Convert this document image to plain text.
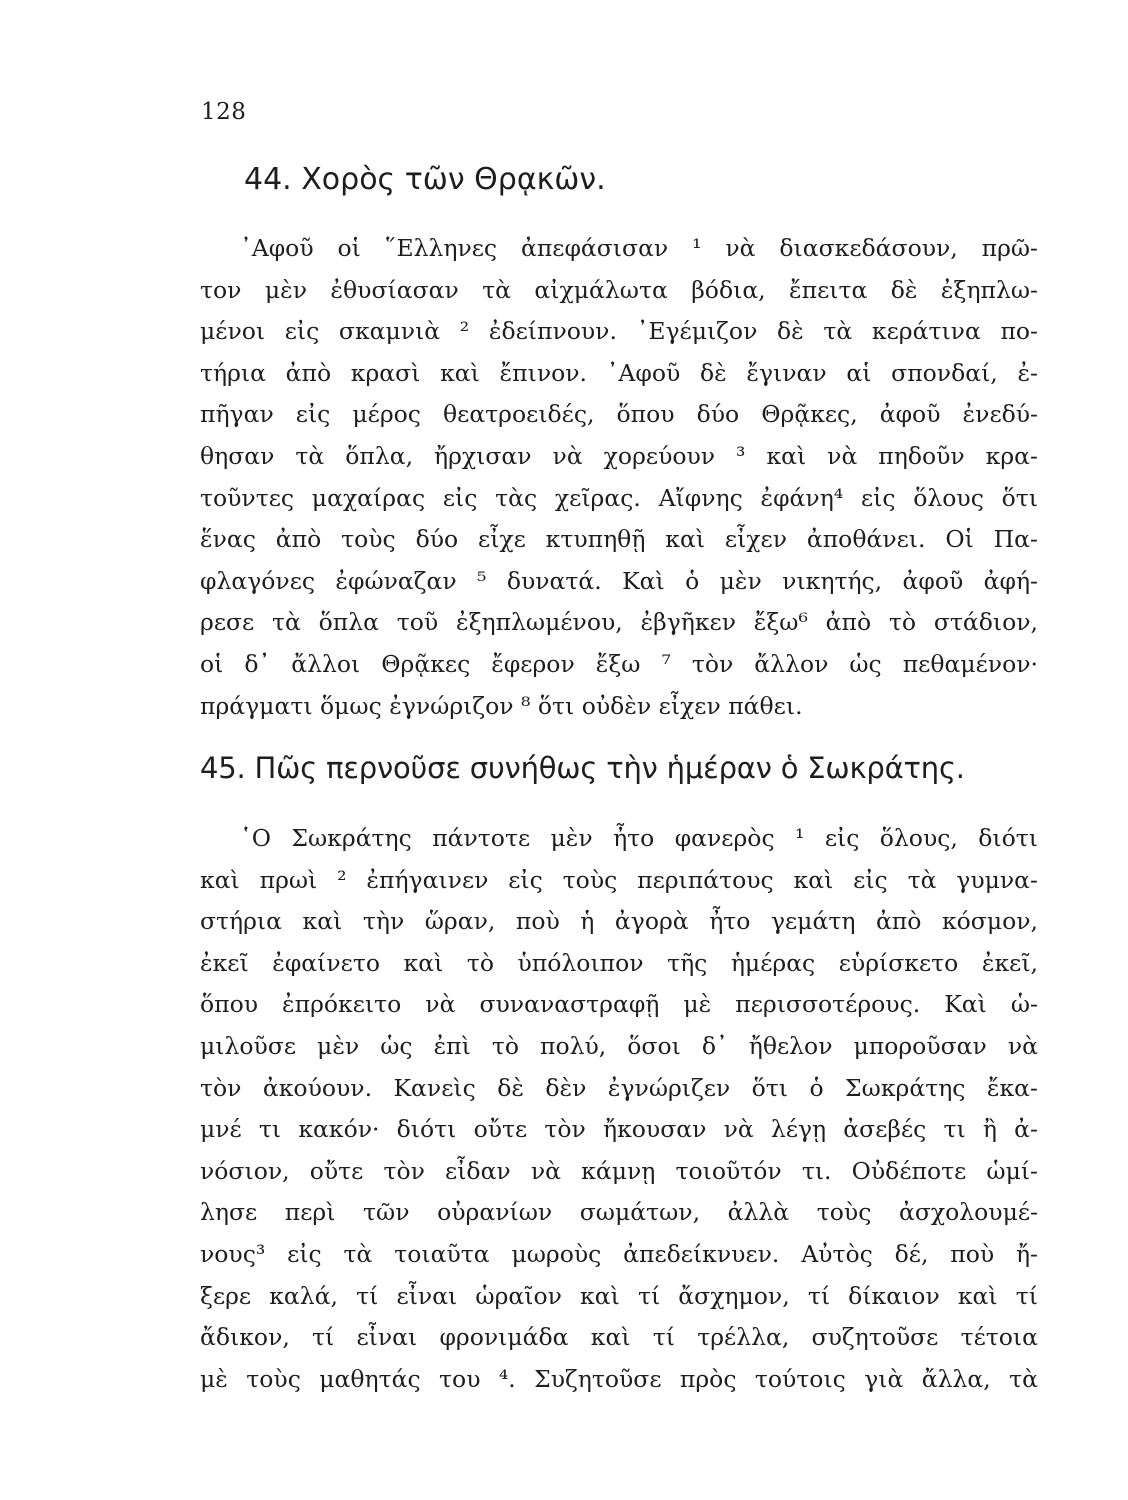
128
44. Χορὸς τῶν Θρᾳκῶν.
᾿Αφοῦ οἱ ῞Ελληνες ἀπεφάσισαν ¹ νὰ διασκεδάσουν, πρῶ-
τον μὲν ἐθυσίασαν τὰ αἰχμάλωτα βόδια, ἔπειτα δὲ ἐξηπλω-
μένοι εἰς σκαμνιὰ ² ἐδείπνουν. ᾿Εγέμιζον δὲ τὰ κεράτινα πο-
τήρια ἀπὸ κρασὶ καὶ ἔπινον. ᾿Αφοῦ δὲ ἔγιναν αἱ σπονδαί, ἐ-
πῆγαν εἰς μέρος θεατροειδές, ὅπου δύο Θρᾷκες, ἀφοῦ ἐνεδύ-
θησαν τὰ ὅπλα, ἤρχισαν νὰ χορεύουν ³ καὶ νὰ πηδοῦν κρα-
τοῦντες μαχαίρας εἰς τὰς χεῖρας. Αἴφνης ἐφάνη⁴ εἰς ὅλους ὅτι
ἕνας ἀπὸ τοὺς δύο εἶχε κτυπηθῇ καὶ εἶχεν ἀποθάνει. Οἱ Πα-
φλαγόνες ἐφώναζαν ⁵ δυνατά. Καὶ ὁ μὲν νικητής, ἀφοῦ ἀφή-
ρεσε τὰ ὅπλα τοῦ ἐξηπλωμένου, ἐβγῆκεν ἔξω⁶ ἀπὸ τὸ στάδιον,
οἱ δ᾿ ἄλλοι Θρᾷκες ἔφερον ἔξω ⁷ τὸν ἄλλον ὡς πεθαμένον·
πράγματι ὅμως ἐγνώριζον ⁸ ὅτι οὐδὲν εἶχεν πάθει.
45. Πῶς περνοῦσε συνήθως τὴν ἡμέραν ὁ Σωκράτης.
῾Ο Σωκράτης πάντοτε μὲν ἦτο φανερὸς ¹ εἰς ὅλους, διότι
καὶ πρωὶ ² ἐπήγαινεν εἰς τοὺς περιπάτους καὶ εἰς τὰ γυμνα-
στήρια καὶ τὴν ὥραν, ποὺ ἡ ἀγορὰ ἦτο γεμάτη ἀπὸ κόσμον,
ἐκεῖ ἐφαίνετο καὶ τὸ ὑπόλοιπον τῆς ἡμέρας εὑρίσκετο ἐκεῖ,
ὅπου ἐπρόκειτο νὰ συναναστραφῇ μὲ περισσοτέρους. Καὶ ὡ-
μιλοῦσε μὲν ὡς ἐπὶ τὸ πολύ, ὅσοι δ᾿ ἤθελον μποροῦσαν νὰ
τὸν ἀκούουν. Κανεὶς δὲ δὲν ἐγνώριζεν ὅτι ὁ Σωκράτης ἔκα-
μνέ τι κακόν· διότι οὔτε τὸν ἤκουσαν νὰ λέγῃ ἀσεβές τι ἢ ἀ-
νόσιον, οὔτε τὸν εἶδαν νὰ κάμνῃ τοιοῦτόν τι. Οὐδέποτε ὡμί-
λησε περὶ τῶν οὐρανίων σωμάτων, ἀλλὰ τοὺς ἀσχολουμέ-
νους³ εἰς τὰ τοιαῦτα μωροὺς ἀπεδείκνυεν. Αὐτὸς δέ, ποὺ ἤ-
ξερε καλά, τί εἶναι ὡραῖον καὶ τί ἄσχημον, τί δίκαιον καὶ τί
ἄδικον, τί εἶναι φρονιμάδα καὶ τί τρέλλα, συζητοῦσε τέτοια
μὲ τοὺς μαθητάς του ⁴. Συζητοῦσε πρὸς τούτοις γιὰ ἄλλα, τὰ
